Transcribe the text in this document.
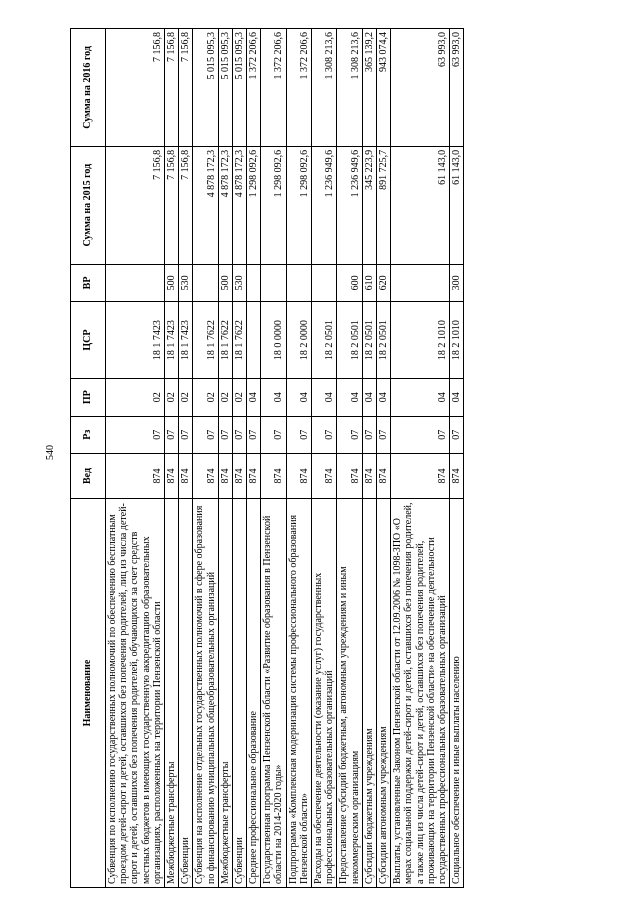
540
Наименование	Вед	Рз	ПР	ЦСР	ВР	Сумма на 2015 год	Сумма на 2016 год
Субвенция по исполнению государственных полномочий по обеспечению бесплатным проездом детей-сирот и детей, оставшихся без попечения родителей, лиц из числа детей-сирот и детей, оставшихся без попечения родителей, обучающихся за счет средств местных бюджетов в имеющих государственную аккредитацию образовательных организациях, расположенных на территории Пензенской области	874	07	02	18 1 7423		7 156,8	7 156,8
Межбюджетные трансферты	874	07	02	18 1 7423	500	7 156,8	7 156,8
Субвенции	874	07	02	18 1 7423	530	7 156,8	7 156,8
Субвенция на исполнение отдельных государственных полномочий в сфере образования по финансированию муниципальных общеобразовательных организаций	874	07	02	18 1 7622		4 878 172,3	5 015 095,3
Межбюджетные трансферты	874	07	02	18 1 7622	500	4 878 172,3	5 015 095,3
Субвенции	874	07	02	18 1 7622	530	4 878 172,3	5 015 095,3
Среднее профессиональное образование	874	07	04			1 298 092,6	1 372 206,6
Государственная программа Пензенской области «Развитие образования в Пензенской области на 2014-2020 годы»	874	07	04	18 0 0000		1 298 092,6	1 372 206,6
Подпрограмма «Комплексная модернизация системы профессионального образования Пензенской области»	874	07	04	18 2 0000		1 298 092,6	1 372 206,6
Расходы на обеспечение деятельности (оказание услуг) государственных профессиональных образовательных организаций	874	07	04	18 2 0501		1 236 949,6	1 308 213,6
Предоставление субсидий бюджетным, автономным учреждениям и иным некоммерческим организациям	874	07	04	18 2 0501	600	1 236 949,6	1 308 213,6
Субсидии бюджетным учреждениям	874	07	04	18 2 0501	610	345 223,9	365 139,2
Субсидии автономным учреждениям	874	07	04	18 2 0501	620	891 725,7	943 074,4
Выплаты, установленные Законом Пензенской области от 12.09.2006 № 1098-ЗПО «О мерах социальной поддержки детей-сирот и детей, оставшихся без попечения родителей, а также лиц из числа детей-сирот и детей, оставшихся без попечения родителей, проживающих на территории Пензенской области» на обеспечение деятельности государственных профессиональных образовательных организаций	874	07	04	18 2 1010		61 143,0	63 993,0
Социальное обеспечение и иные выплаты населению	874	07	04	18 2 1010	300	61 143,0	63 993,0
